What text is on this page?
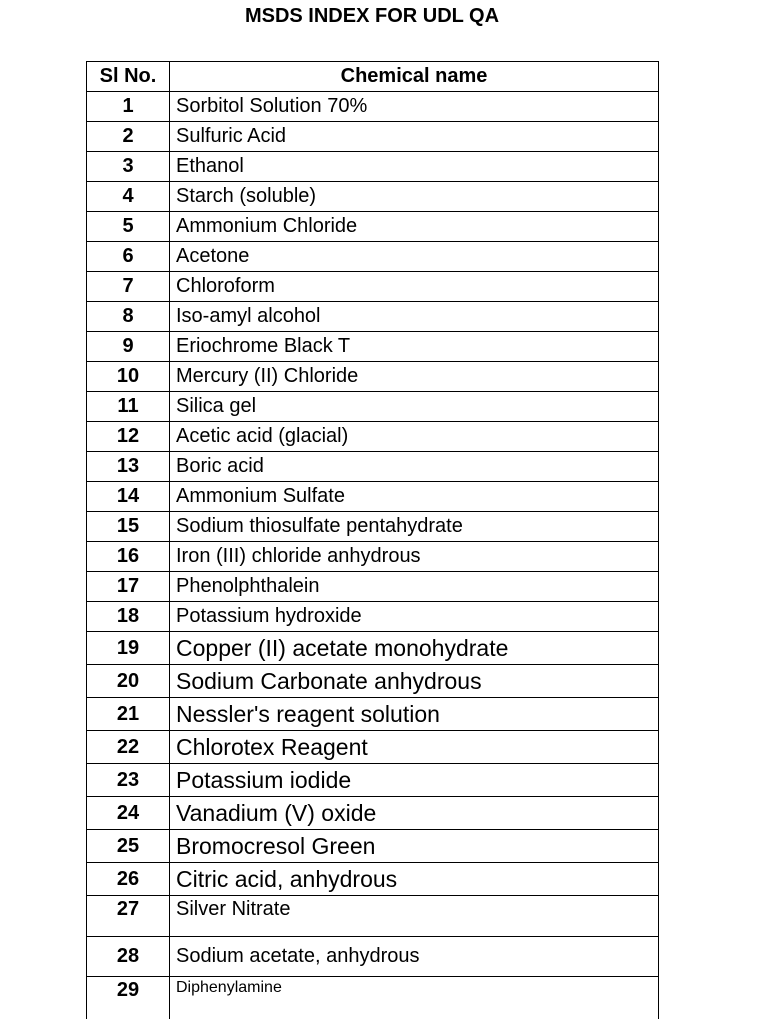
MSDS INDEX FOR UDL QA
Sl No.	Chemical name
1	Sorbitol Solution 70%
2	Sulfuric Acid
3	Ethanol
4	Starch (soluble)
5	Ammonium Chloride
6	Acetone
7	Chloroform
8	Iso-amyl alcohol
9	Eriochrome Black T
10	Mercury (II) Chloride
11	Silica gel
12	Acetic acid (glacial)
13	Boric acid
14	Ammonium Sulfate
15	Sodium thiosulfate pentahydrate
16	Iron (III) chloride anhydrous
17	Phenolphthalein
18	Potassium hydroxide
19	Copper (II) acetate monohydrate
20	Sodium Carbonate anhydrous
21	Nessler's reagent solution
22	Chlorotex Reagent
23	Potassium iodide
24	Vanadium (V) oxide
25	Bromocresol Green
26	Citric acid, anhydrous
27	Silver Nitrate
28	Sodium acetate, anhydrous
29	Diphenylamine
